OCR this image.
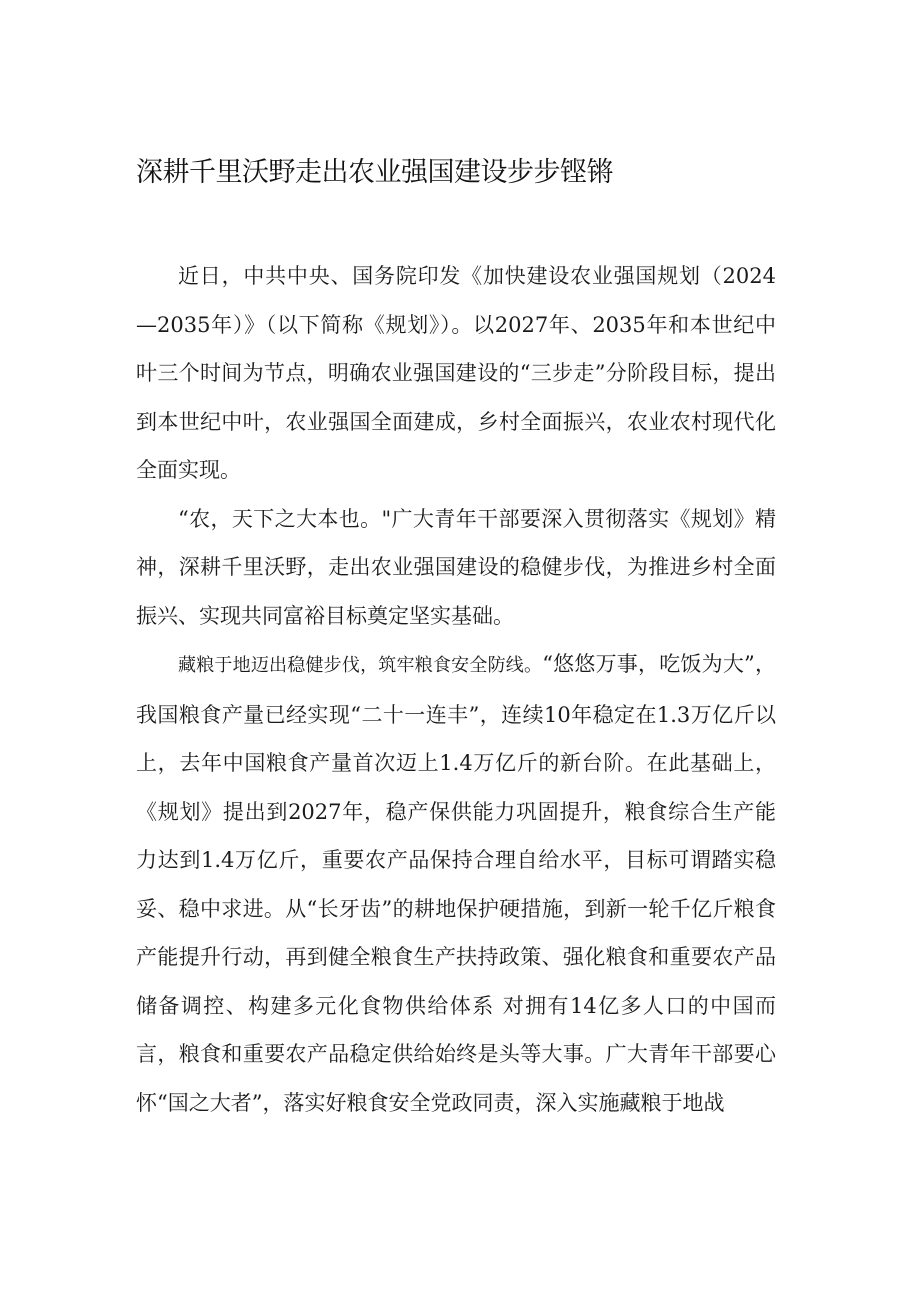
深耕千里沃野走出农业强国建设步步铿锵

近日，中共中央、国务院印发《加快建设农业强国规划（2024—2035年）》（以下简称《规划》）。以2027年、2035年和本世纪中叶三个时间为节点，明确农业强国建设的“三步走”分阶段目标，提出到本世纪中叶，农业强国全面建成，乡村全面振兴，农业农村现代化全面实现。

“农，天下之大本也。"广大青年干部要深入贯彻落实《规划》精神，深耕千里沃野，走出农业强国建设的稳健步伐，为推进乡村全面振兴、实现共同富裕目标奠定坚实基础。

藏粮于地迈出稳健步伐，筑牢粮食安全防线。“悠悠万事，吃饭为大”，我国粮食产量已经实现“二十一连丰”，连续10年稳定在1.3万亿斤以上，去年中国粮食产量首次迈上1.4万亿斤的新台阶。在此基础上，《规划》提出到2027年，稳产保供能力巩固提升，粮食综合生产能力达到1.4万亿斤，重要农产品保持合理自给水平，目标可谓踏实稳妥、稳中求进。从“长牙齿”的耕地保护硬措施，到新一轮千亿斤粮食产能提升行动，再到健全粮食生产扶持政策、强化粮食和重要农产品储备调控、构建多元化食物供给体系 对拥有14亿多人口的中国而言，粮食和重要农产品稳定供给始终是头等大事。广大青年干部要心怀“国之大者”，落实好粮食安全党政同责，深入实施藏粮于地战
